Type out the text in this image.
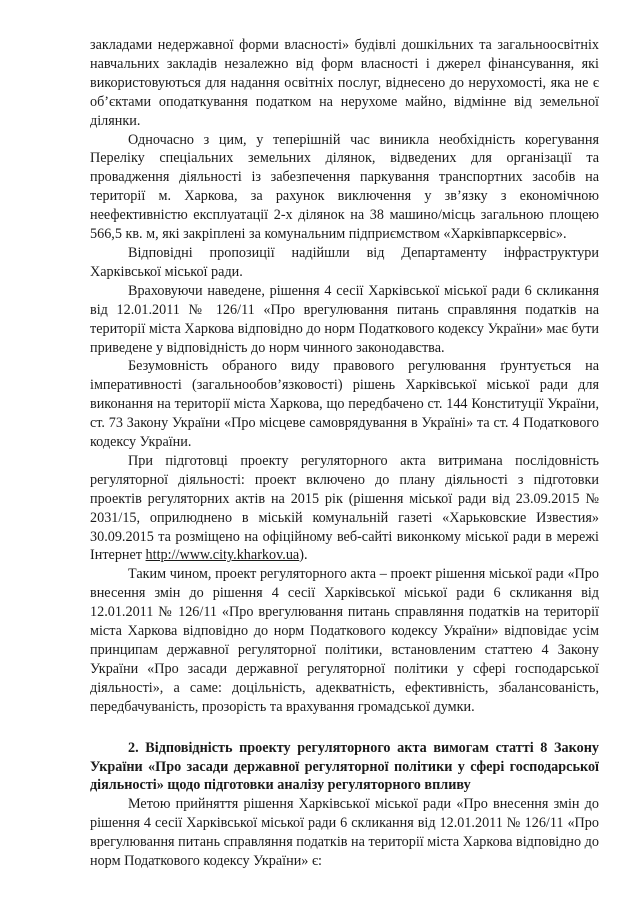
закладами недержавної форми власності» будівлі дошкільних та загальноосвітніх навчальних закладів незалежно від форм власності і джерел фінансування, які використовуються для надання освітніх послуг, віднесено до нерухомості, яка не є об’єктами оподаткування податком на нерухоме майно, відмінне від земельної ділянки.

Одночасно з цим, у теперішній час виникла необхідність корегування Переліку спеціальних земельних ділянок, відведених для організації та провадження діяльності із забезпечення паркування транспортних засобів на території м. Харкова, за рахунок виключення у зв’язку з економічною неефективністю експлуатації 2-х ділянок на 38 машино/місць загальною площею 566,5 кв. м, які закріплені за комунальним підприємством «Харківпарксервіс».

Відповідні пропозиції надійшли від Департаменту інфраструктури Харківської міської ради.

Враховуючи наведене, рішення 4 сесії Харківської міської ради 6 скликання від 12.01.2011 № 126/11 «Про врегулювання питань справляння податків на території міста Харкова відповідно до норм Податкового кодексу України» має бути приведене у відповідність до норм чинного законодавства.

Безумовність обраного виду правового регулювання ґрунтується на імперативності (загальнообов’язковості) рішень Харківської міської ради для виконання на території міста Харкова, що передбачено ст. 144 Конституції України, ст. 73 Закону України «Про місцеве самоврядування в Україні» та ст. 4 Податкового кодексу України.

При підготовці проекту регуляторного акта витримана послідовність регуляторної діяльності: проект включено до плану діяльності з підготовки проектів регуляторних актів на 2015 рік (рішення міської ради від 23.09.2015 № 2031/15, оприлюднено в міській комунальній газеті «Харьковские Известия» 30.09.2015 та розміщено на офіційному веб-сайті виконкому міської ради в мережі Інтернет http://www.city.kharkov.ua).

Таким чином, проект регуляторного акта – проект рішення міської ради «Про внесення змін до рішення 4 сесії Харківської міської ради 6 скликання від 12.01.2011 № 126/11 «Про врегулювання питань справляння податків на території міста Харкова відповідно до норм Податкового кодексу України» відповідає усім принципам державної регуляторної політики, встановленим статтею 4 Закону України «Про засади державної регуляторної політики у сфері господарської діяльності», а саме: доцільність, адекватність, ефективність, збалансованість, передбачуваність, прозорість та врахування громадської думки.

2. Відповідність проекту регуляторного акта вимогам статті 8 Закону України «Про засади державної регуляторної політики у сфері господарської діяльності» щодо підготовки аналізу регуляторного впливу

Метою прийняття рішення Харківської міської ради «Про внесення змін до рішення 4 сесії Харківської міської ради 6 скликання від 12.01.2011 № 126/11 «Про врегулювання питань справляння податків на території міста Харкова відповідно до норм Податкового кодексу України» є:
